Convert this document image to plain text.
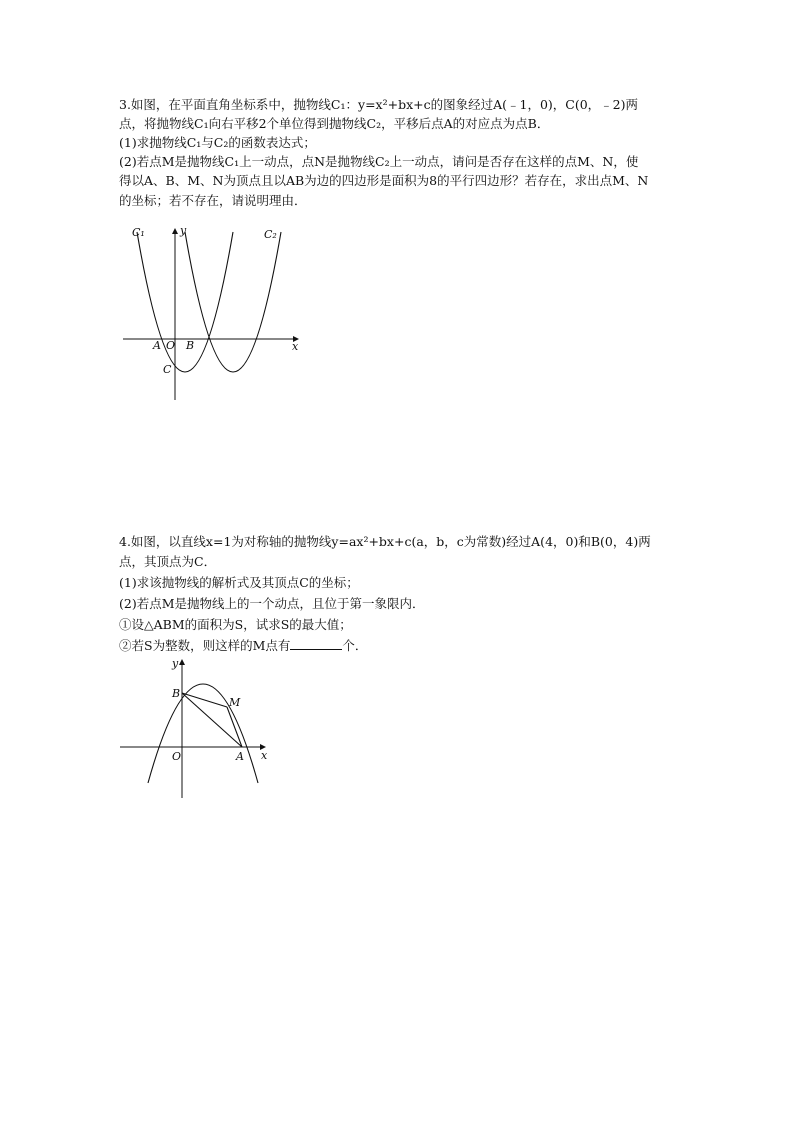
3.如图，在平面直角坐标系中，抛物线C₁：y=x²+bx+c的图象经过A(﹣1，0)，C(0，﹣2)两
点，将抛物线C₁向右平移2个单位得到抛物线C₂，平移后点A的对应点为点B．
(1)求抛物线C₁与C₂的函数表达式；
(2)若点M是抛物线C₁上一动点，点N是抛物线C₂上一动点，请问是否存在这样的点M、N，使
得以A、B、M、N为顶点且以AB为边的四边形是面积为8的平行四边形？若存在，求出点M、N
的坐标；若不存在，请说明理由．
C₁	C₂
y
x
A O B
C
4.如图，以直线x=1为对称轴的抛物线y=ax²+bx+c(a，b，c为常数)经过A(4，0)和B(0，4)两
点，其顶点为C．
(1)求该抛物线的解析式及其顶点C的坐标；
(2)若点M是抛物线上的一个动点，且位于第一象限内．
①设△ABM的面积为S，试求S的最大值；
②若S为整数，则这样的M点有	个．
y
x
B
M
O	A
